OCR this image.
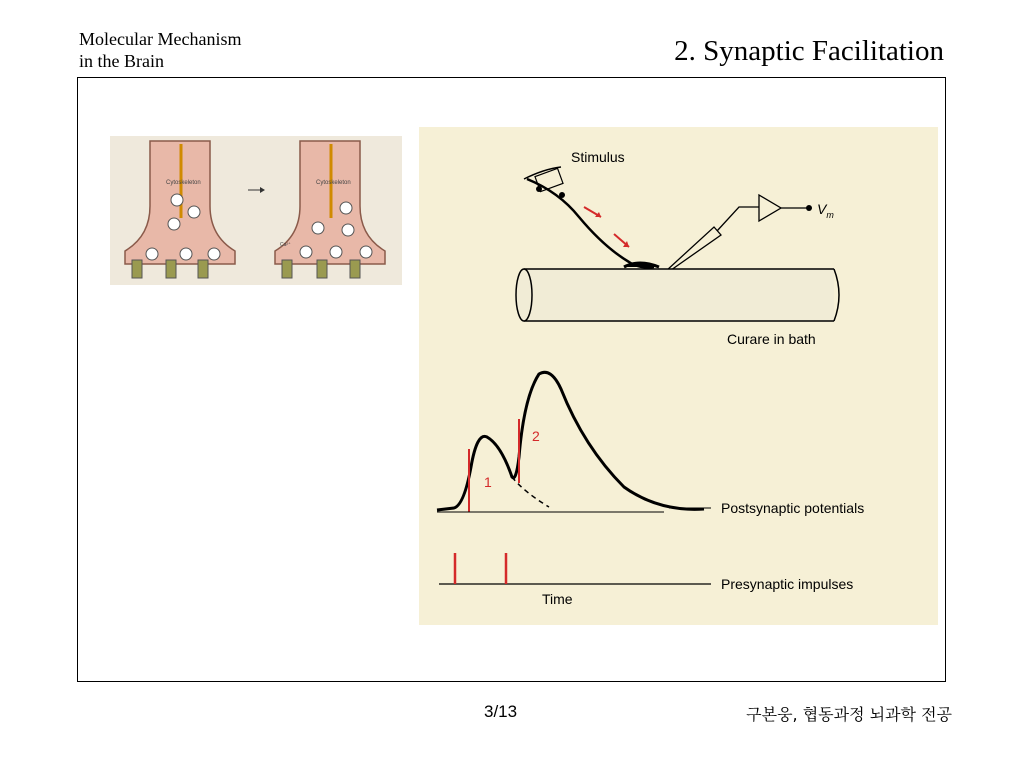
Molecular Mechanism
in the Brain	2. Synaptic Facilitation
Cytoskeleton	Cytoskeleton
Ca²⁺
Stimulus
$V_m$
Curare in bath
1
2
Postsynaptic potentials
Presynaptic impulses
Time
3/13	구본웅, 협동과정 뇌과학 전공
